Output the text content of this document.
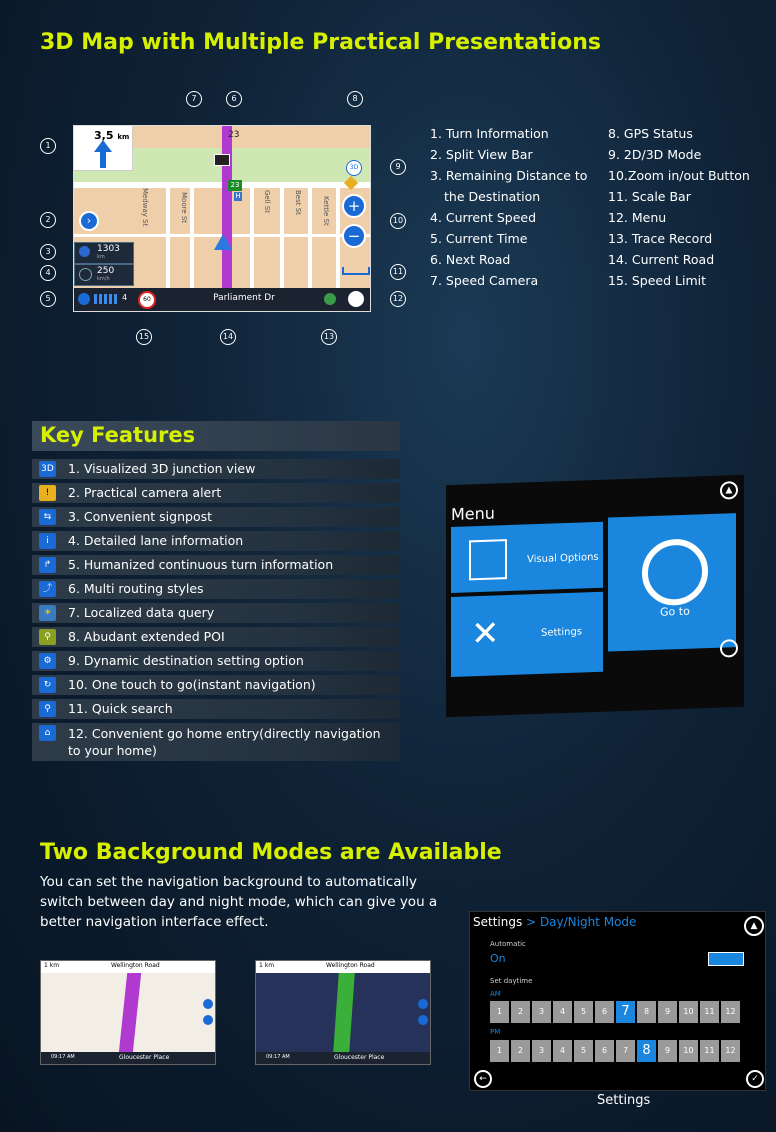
3D Map with Multiple Practical Presentations
Medway St	Moore St	Gell St	Best St	Kettle St
23
23
H
3,5 km
›
1303
km
250
km/h
3D
+
−
4	60	Parliament Dr
7	6	8
1
2
3
4
5
9
10
11
12
15	14	13
1. Turn Information
2. Split View Bar
3. Remaining Distance to
the Destination
4. Current Speed
5. Current Time
6. Next Road
7. Speed Camera
8. GPS Status
9. 2D/3D Mode
10.Zoom in/out Button
11. Scale Bar
12. Menu
13. Trace Record
14. Current Road
15. Speed Limit
Key Features
3D 1. Visualized 3D junction view
!	2. Practical camera alert
⇆	3. Convenient signpost
i	4. Detailed lane information
↱	5. Humanized continuous turn information
⤴	6. Multi routing styles
☀	7. Localized data query
⚲	8. Abudant extended POI
⚙	9. Dynamic destination setting option
↻	10. One touch to go(instant navigation)
⚲	11. Quick search
⌂	12. Convenient go home entry(directly navigation to your home)
Menu
▲
Visual Options
✕	Settings
Go to
Two Background Modes are Available
You can set the navigation background to automatically switch between day and night mode, which can give you a better navigation interface effect.
1 km	Wellington Road
09:17 AM	Gloucester Place
1 km	Wellington Road
09:17 AM	Gloucester Place
Settings > Day/Night Mode	▲
Automatic
On
Set daytime
AM
PM
1	2	3	4	5	6	7	8	9	10	11	12
1	2	3	4	5	6	7	8	9	10	11	12
←	✓
Settings
